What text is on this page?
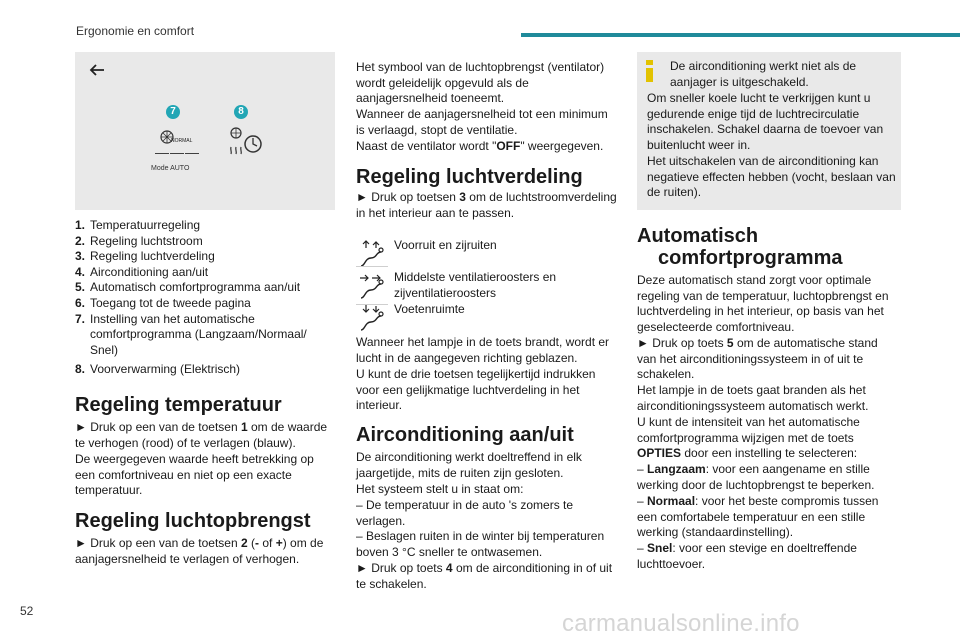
Ergonomie en comfort
7	8
NORMAL
———
Mode AUTO
1. Temperatuurregeling
2. Regeling luchtstroom
3. Regeling luchtverdeling
4. Airconditioning aan/uit
5. Automatisch comfortprogramma aan/uit
6. Toegang tot de tweede pagina
7. Instelling van het automatische comfortprogramma (Langzaam/Normaal/ Snel)
8. Voorverwarming (Elektrisch)
Regeling temperatuur
► Druk op een van de toetsen 1 om de waarde te verhogen (rood) of te verlagen (blauw).
De weergegeven waarde heeft betrekking op een comfortniveau en niet op een exacte temperatuur.
Regeling luchtopbrengst
► Druk op een van de toetsen 2 (- of +) om de aanjagersnelheid te verlagen of verhogen.
Het symbool van de luchtopbrengst (ventilator) wordt geleidelijk opgevuld als de aanjagersnelheid toeneemt.
Wanneer de aanjagersnelheid tot een minimum is verlaagd, stopt de ventilatie.
Naast de ventilator wordt "OFF" weergegeven.
Regeling luchtverdeling
► Druk op toetsen 3 om de luchtstroomverdeling in het interieur aan te passen.
Voorruit en zijruiten
Middelste ventilatieroosters en zijventilatieroosters
Voetenruimte
Wanneer het lampje in de toets brandt, wordt er lucht in de aangegeven richting geblazen.
U kunt de drie toetsen tegelijkertijd indrukken voor een gelijkmatige luchtverdeling in het interieur.
Airconditioning aan/uit
De airconditioning werkt doeltreffend in elk jaargetijde, mits de ruiten zijn gesloten.
Het systeem stelt u in staat om:
– De temperatuur in de auto 's zomers te verlagen.
– Beslagen ruiten in de winter bij temperaturen boven 3 °C sneller te ontwasemen.
► Druk op toets 4 om de airconditioning in of uit te schakelen.
De airconditioning werkt niet als de aanjager is uitgeschakeld.
Om sneller koele lucht te verkrijgen kunt u gedurende enige tijd de luchtrecirculatie inschakelen. Schakel daarna de toevoer van buitenlucht weer in.
Het uitschakelen van de airconditioning kan negatieve effecten hebben (vocht, beslaan van de ruiten).
Automatisch
comfortprogramma
Deze automatisch stand zorgt voor optimale regeling van de temperatuur, luchtopbrengst en luchtverdeling in het interieur, op basis van het geselecteerde comfortniveau.
► Druk op toets 5 om de automatische stand van het airconditioningssysteem in of uit te schakelen.
Het lampje in de toets gaat branden als het airconditioningssysteem automatisch werkt.
U kunt de intensiteit van het automatische comfortprogramma wijzigen met de toets OPTIES door een instelling te selecteren:
– Langzaam: voor een aangename en stille werking door de luchtopbrengst te beperken.
– Normaal: voor het beste compromis tussen een comfortabele temperatuur en een stille werking (standaardinstelling).
– Snel: voor een stevige en doeltreffende luchttoevoer.
52	carmanualsonline.info
